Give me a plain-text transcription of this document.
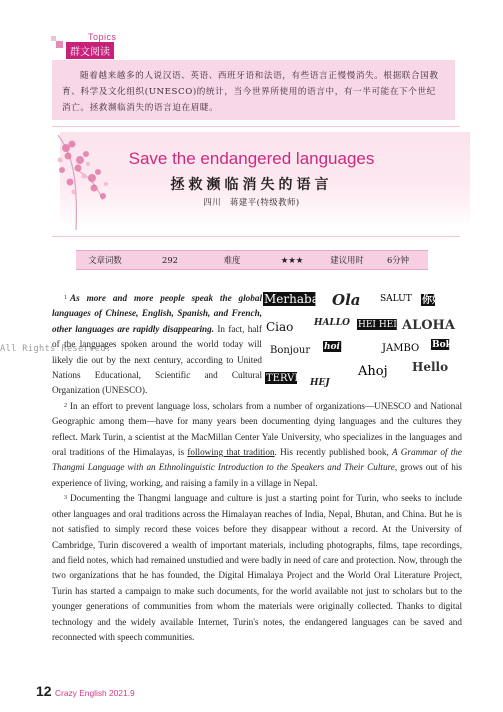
Topics
群文阅读

随着越来越多的人说汉语、英语、西班牙语和法语，有些语言正慢慢消失。根据联合国教育、科学及文化组织(UNESCO)的统计，当今世界所使用的语言中，有一半可能在下个世纪消亡。拯救濒临消失的语言迫在眉睫。

Save the endangered languages
拯救濒临消失的语言
四川　蒋建平(特级教师)
文章词数	292	难度	★★★	建议用时	6分钟
Merhaba Ola SALUT 你好
Ciao HALLO HEI HEI ALOHA
Bonjour hoi	JAMBO
Hello
TERVE HEJ
Ahoj
Bok
All Rights Reserved.

$^1$ As more and more people speak the global languages of Chinese, English, Spanish, and French, other languages are rapidly disappearing. In fact, half of the languages spoken around the world today will likely die out by the next century, according to United Nations Educational, Scientific and Cultural Organization (UNESCO).

$^2$ In an effort to prevent language loss, scholars from a number of organizations—UNESCO and National Geographic among them—have for many years been documenting dying languages and the cultures they reflect. Mark Turin, a scientist at the MacMillan Center Yale University, who specializes in the languages and oral traditions of the Himalayas, is following that tradition. His recently published book, A Grammar of the Thangmi Language with an Ethnolinguistic Introduction to the Speakers and Their Culture, grows out of his experience of living, working, and raising a family in a village in Nepal.

$^3$ Documenting the Thangmi language and culture is just a starting point for Turin, who seeks to include other languages and oral traditions across the Himalayan reaches of India, Nepal, Bhutan, and China. But he is not satisfied to simply record these voices before they disappear without a record. At the University of Cambridge, Turin discovered a wealth of important materials, including photographs, films, tape recordings, and field notes, which had remained unstudied and were badly in need of care and protection. Now, through the two organizations that he has founded, the Digital Himalaya Project and the World Oral Literature Project, Turin has started a campaign to make such documents, for the world available not just to scholars but to the younger generations of communities from whom the materials were originally collected. Thanks to digital technology and the widely available Internet, Turin's notes, the endangered languages can be saved and reconnected with speech communities.

12 Crazy English 2021.9
